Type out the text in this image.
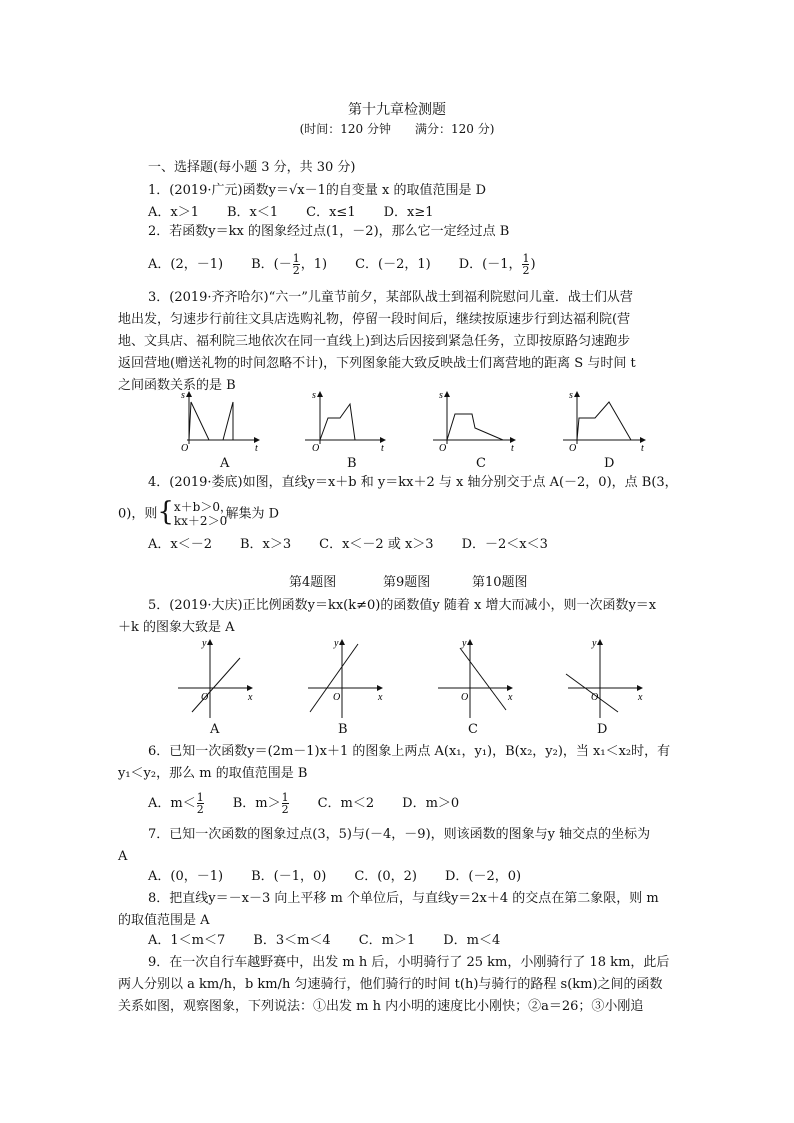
第十九章检测题
(时间：120 分钟　　满分：120 分)
一、选择题(每小题 3 分，共 30 分)
1．(2019·广元)函数y＝√x－1的自变量 x 的取值范围是 D
A．x＞1 B．x＜1 C．x≤1 D．x≥1
2．若函数y＝kx 的图象经过点(1，－2)，那么它一定经过点 B
A．(2，－1) B．(－ $\frac{1}{2}$ ，1) C．(－2，1) D．(－1， $\frac{1}{2}$ )
3．(2019·齐齐哈尔)“六一”儿童节前夕，某部队战士到福利院慰问儿童．战士们从营
地出发，匀速步行前往文具店选购礼物，停留一段时间后，继续按原速步行到达福利院(营
地、文具店、福利院三地依次在同一直线上)到达后因接到紧急任务，立即按原路匀速跑步
返回营地(赠送礼物的时间忽略不计)，下列图象能大致反映战士们离营地的距离 S 与时间 t
之间函数关系的是 B
s
t
O
s
t
O
s
t
O
s
t
O
A	B	C	D
4．(2019·娄底)如图，直线y＝x＋b 和 y＝kx＋2 与 x 轴分别交于点 A(－2，0)，点 B(3，
0)，则 { x＋b＞0，
kx＋2＞0
解集为 D
A．x＜－2 B．x＞3 C．x＜－2 或 x＞3 D．－2＜x＜3
第4题图	第9题图	第10题图
5．(2019·大庆)正比例函数y＝kx(k≠0)的函数值y 随着 x 增大而减小，则一次函数y＝x
＋k 的图象大致是 A
y
x
O
y
x
O
y
x
O
y
x
O
A	B	C	D
6．已知一次函数y＝(2m－1)x＋1 的图象上两点 A(x₁，y₁)，B(x₂，y₂)，当 x₁＜x₂时，有
y₁＜y₂，那么 m 的取值范围是 B
A．$m< \frac{1}{2}$ B．$m> \frac{1}{2}$ C．m＜2 D．m＞0
7．已知一次函数的图象过点(3，5)与(－4，－9)，则该函数的图象与y 轴交点的坐标为
A
A．(0，－1) B．(－1，0) C．(0，2) D．(－2，0)
8．把直线y＝－x－3 向上平移 m 个单位后，与直线y＝2x＋4 的交点在第二象限，则 m
的取值范围是 A
A．1＜m＜7 B．3＜m＜4 C．m＞1 D．m＜4
9．在一次自行车越野赛中，出发 m h 后，小明骑行了 25 km，小刚骑行了 18 km，此后
两人分别以 a km/h，b km/h 匀速骑行，他们骑行的时间 t(h)与骑行的路程 s(km)之间的函数
关系如图，观察图象，下列说法：①出发 m h 内小明的速度比小刚快；②a＝26；③小刚追
